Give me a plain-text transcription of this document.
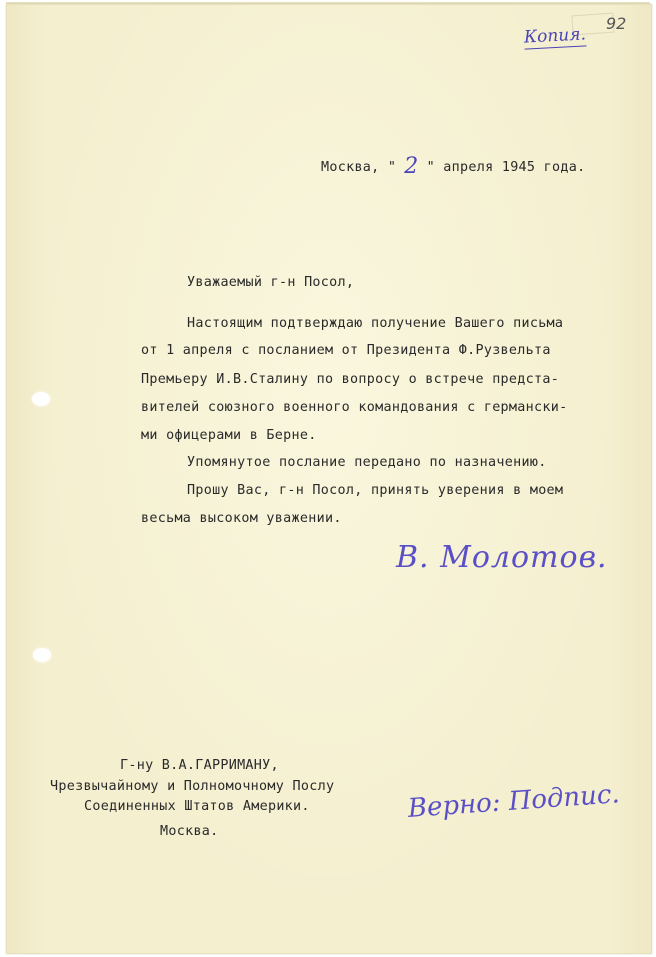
Копия.
92
Москва, " 2 " апреля 1945 года.
Уважаемый г-н Посол,
Настоящим подтверждаю получение Вашего письма
от 1 апреля с посланием от Президента Ф.Рузвельта
Премьеру И.В.Сталину по вопросу о встрече предста-
вителей союзного военного командования с германски-
ми офицерами в Берне.
Упомянутое послание передано по назначению.
Прошу Вас, г-н Посол, принять уверения в моем
весьма высоком уважении.
В. Молотов.
Г-ну В.А.ГАРРИМАНУ,
Чрезвычайному и Полномочному Послу
Соединенных Штатов Америки.
Москва.
Верно: Подпис.
